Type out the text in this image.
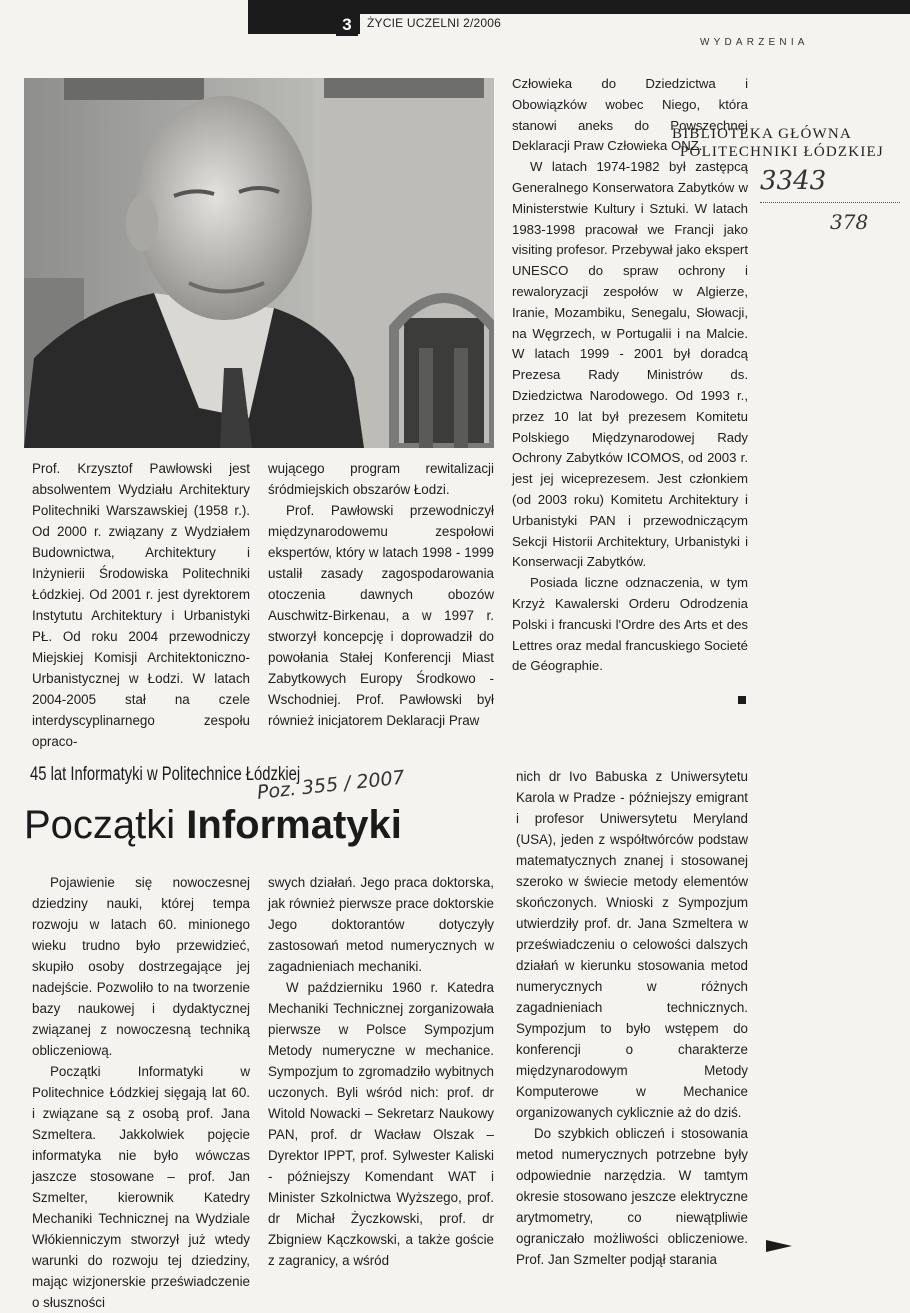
3	ŻYCIE UCZELNI 2/2006
WYDARZENIA
BIBLIOTEKA GŁÓWNA
POLITECHNIKI ŁÓDZKIEJ
3343
378

Prof. Krzysztof Pawłowski jest absolwentem Wydziału Architektury Politechniki Warszawskiej (1958 r.). Od 2000 r. związany z Wydziałem Budownictwa, Architektury i Inżynierii Środowiska Politechniki Łódzkiej. Od 2001 r. jest dyrektorem Instytutu Architektury i Urbanistyki PŁ. Od roku 2004 przewodniczy Miejskiej Komisji Architektoniczno-Urbanistycznej w Łodzi. W latach 2004-2005 stał na czele interdyscyplinarnego zespołu opraco-

wującego program rewitalizacji śródmiejskich obszarów Łodzi.

Prof. Pawłowski przewodniczył międzynarodowemu zespołowi ekspertów, który w latach 1998 - 1999 ustalił zasady zagospodarowania otoczenia dawnych obozów Auschwitz-Birkenau, a w 1997 r. stworzył koncepcję i doprowadził do powołania Stałej Konferencji Miast Zabytkowych Europy Środkowo - Wschodniej. Prof. Pawłowski był również inicjatorem Deklaracji Praw

Człowieka do Dziedzictwa i Obowiązków wobec Niego, która stanowi aneks do Powszechnej Deklaracji Praw Człowieka ONZ.

W latach 1974-1982 był zastępcą Generalnego Konserwatora Zabytków w Ministerstwie Kultury i Sztuki. W latach 1983-1998 pracował we Francji jako visiting profesor. Przebywał jako ekspert UNESCO do spraw ochrony i rewaloryzacji zespołów w Algierze, Iranie, Mozambiku, Senegalu, Słowacji, na Węgrzech, w Portugalii i na Malcie. W latach 1999 - 2001 był doradcą Prezesa Rady Ministrów ds. Dziedzictwa Narodowego. Od 1993 r., przez 10 lat był prezesem Komitetu Polskiego Międzynarodowej Rady Ochrony Zabytków ICOMOS, od 2003 r. jest jej wiceprezesem. Jest członkiem (od 2003 roku) Komitetu Architektury i Urbanistyki PAN i przewodniczącym Sekcji Historii Architektury, Urbanistyki i Konserwacji Zabytków.

Posiada liczne odznaczenia, w tym Krzyż Kawalerski Orderu Odrodzenia Polski i francuski l'Ordre des Arts et des Lettres oraz medal francuskiego Societé de Géographie.

45 lat Informatyki w Politechnice Łódzkiej
Poz. 355 / 2007
Początki Informatyki

Pojawienie się nowoczesnej dziedziny nauki, której tempa rozwoju w latach 60. minionego wieku trudno było przewidzieć, skupiło osoby dostrzegające jej nadejście. Pozwoliło to na tworzenie bazy naukowej i dydaktycznej związanej z nowoczesną techniką obliczeniową.

Początki Informatyki w Politechnice Łódzkiej sięgają lat 60. i związane są z osobą prof. Jana Szmeltera. Jakkolwiek pojęcie informatyka nie było wówczas jaszcze stosowane – prof. Jan Szmelter, kierownik Katedry Mechaniki Technicznej na Wydziale Włókienniczym stworzył już wtedy warunki do rozwoju tej dziedziny, mając wizjonerskie przeświadczenie o słuszności

swych działań. Jego praca doktorska, jak również pierwsze prace doktorskie Jego doktorantów dotyczyły zastosowań metod numerycznych w zagadnieniach mechaniki.

W październiku 1960 r. Katedra Mechaniki Technicznej zorganizowała pierwsze w Polsce Sympozjum Metody numeryczne w mechanice. Sympozjum to zgromadziło wybitnych uczonych. Byli wśród nich: prof. dr Witold Nowacki – Sekretarz Naukowy PAN, prof. dr Wacław Olszak – Dyrektor IPPT, prof. Sylwester Kaliski - późniejszy Komendant WAT i Minister Szkolnictwa Wyższego, prof. dr Michał Życzkowski, prof. dr Zbigniew Kączkowski, a także goście z zagranicy, a wśród

nich dr Ivo Babuska z Uniwersytetu Karola w Pradze - późniejszy emigrant i profesor Uniwersytetu Meryland (USA), jeden z współtwórców podstaw matematycznych znanej i stosowanej szeroko w świecie metody elementów skończonych. Wnioski z Sympozjum utwierdziły prof. dr. Jana Szmeltera w przeświadczeniu o celowości dalszych działań w kierunku stosowania metod numerycznych w różnych zagadnieniach technicznych. Sympozjum to było wstępem do konferencji o charakterze międzynarodowym Metody Komputerowe w Mechanice organizowanych cyklicznie aż do dziś.

Do szybkich obliczeń i stosowania metod numerycznych potrzebne były odpowiednie narzędzia. W tamtym okresie stosowano jeszcze elektryczne arytmometry, co niewątpliwie ograniczało możliwości obliczeniowe. Prof. Jan Szmelter podjął starania
